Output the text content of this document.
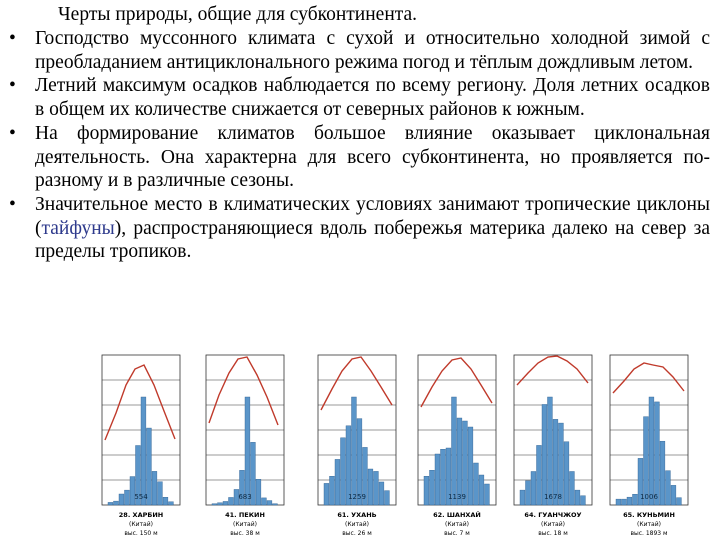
Черты природы, общие для субконтинента.
• Господство муссонного климата с сухой и относительно холодной зимой с преобладанием антициклонального режима погод и тёплым дождливым летом.
• Летний максимум осадков наблюдается по всему региону. Доля летних осадков в общем их количестве снижается от северных районов к южным.
• На формирование климатов большое влияние оказывает циклональная деятельность. Она характерна для всего субконтинента, но проявляется по-разному и в различные сезоны.
• Значительное место в климатических условиях занимают тропические циклоны (тайфуны), распространяющиеся вдоль побережья материка далеко на север за пределы тропиков.
554
28. ХАРБИН
(Китай)
выс. 150 м
683
41. ПЕКИН
(Китай)
выс. 38 м
1259
61. УХАНЬ
(Китай)
выс. 26 м
1139
62. ШАНХАЙ
(Китай)
выс. 7 м
1678
64. ГУАНЧЖОУ
(Китай)
выс. 18 м
1006
65. КУНЬМИН
(Китай)
выс. 1893 м
